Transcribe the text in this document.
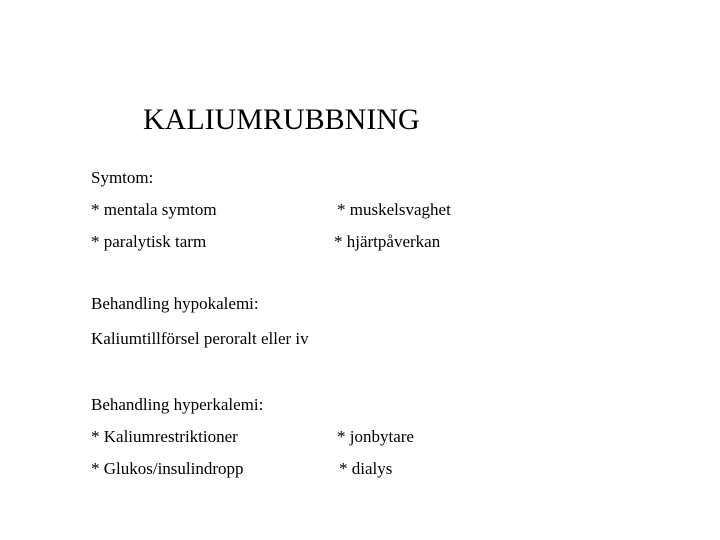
KALIUMRUBBNING
Symtom:
* mentala symtom	* muskelsvaghet
* paralytisk tarm	* hjärtpåverkan
Behandling hypokalemi:
Kaliumtillförsel peroralt eller iv
Behandling hyperkalemi:
* Kaliumrestriktioner	* jonbytare
* Glukos/insulindropp	* dialys
